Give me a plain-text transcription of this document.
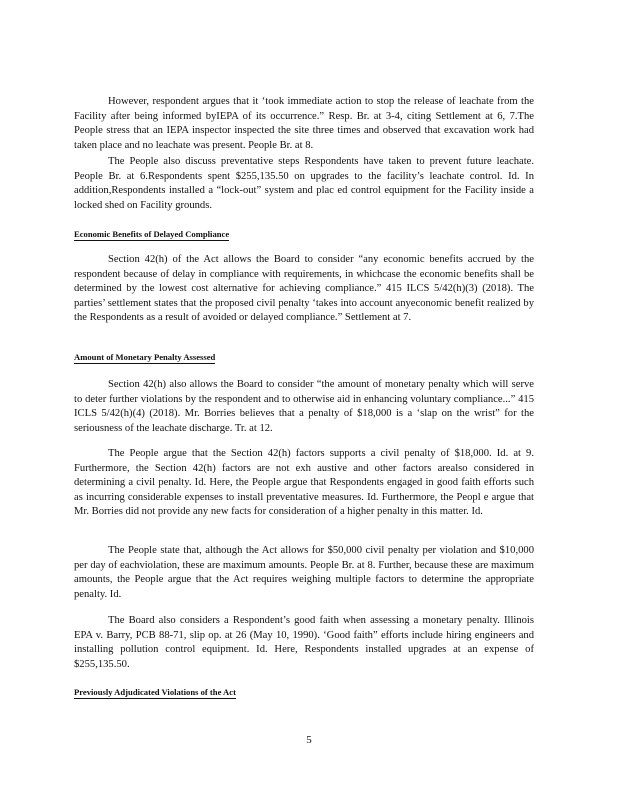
However, respondent argues that it ‘took immediate action to stop the release of leachate from the Facility after being informed byIEPA of its occurrence.” Resp. Br. at 3-4, citing Settlement at 6, 7.The People stress that an IEPA inspector inspected the site three times and observed that excavation work had taken place and no leachate was present. People Br. at 8.

The People also discuss preventative steps Respondents have taken to prevent future leachate. People Br. at 6.Respondents spent $255,135.50 on upgrades to the facility’s leachate control. Id. In addition,Respondents installed a “lock-out” system and plac ed control equipment for the Facility inside a locked shed on Facility grounds.

Economic Benefits of Delayed Compliance

Section 42(h) of the Act allows the Board to consider “any economic benefits accrued by the respondent because of delay in compliance with requirements, in whichcase the economic benefits shall be determined by the lowest cost alternative for achieving compliance.” 415 ILCS 5/42(h)(3) (2018). The parties’ settlement states that the proposed civil penalty ‘takes into account anyeconomic benefit realized by the Respondents as a result of avoided or delayed compliance.” Settlement at 7.

Amount of Monetary Penalty Assessed

Section 42(h) also allows the Board to consider “the amount of monetary penalty which will serve to deter further violations by the respondent and to otherwise aid in enhancing voluntary compliance...” 415 ICLS 5/42(h)(4) (2018). Mr. Borries believes that a penalty of $18,000 is a ‘slap on the wrist” for the seriousness of the leachate discharge. Tr. at 12.

The People argue that the Section 42(h) factors supports a civil penalty of $18,000. Id. at 9. Furthermore, the Section 42(h) factors are not exh austive and other factors arealso considered in determining a civil penalty. Id. Here, the People argue that Respondents engaged in good faith efforts such as incurring considerable expenses to install preventative measures. Id. Furthermore, the Peopl e argue that Mr. Borries did not provide any new facts for consideration of a higher penalty in this matter. Id.

The People state that, although the Act allows for $50,000 civil penalty per violation and $10,000 per day of eachviolation, these are maximum amounts. People Br. at 8. Further, because these are maximum amounts, the People argue that the Act requires weighing multiple factors to determine the appropriate penalty. Id.

The Board also considers a Respondent’s good faith when assessing a monetary penalty. Illinois EPA v. Barry, PCB 88-71, slip op. at 26 (May 10, 1990). ‘Good faith” efforts include hiring engineers and installing pollution control equipment. Id. Here, Respondents installed upgrades at an expense of $255,135.50.

Previously Adjudicated Violations of the Act

5
